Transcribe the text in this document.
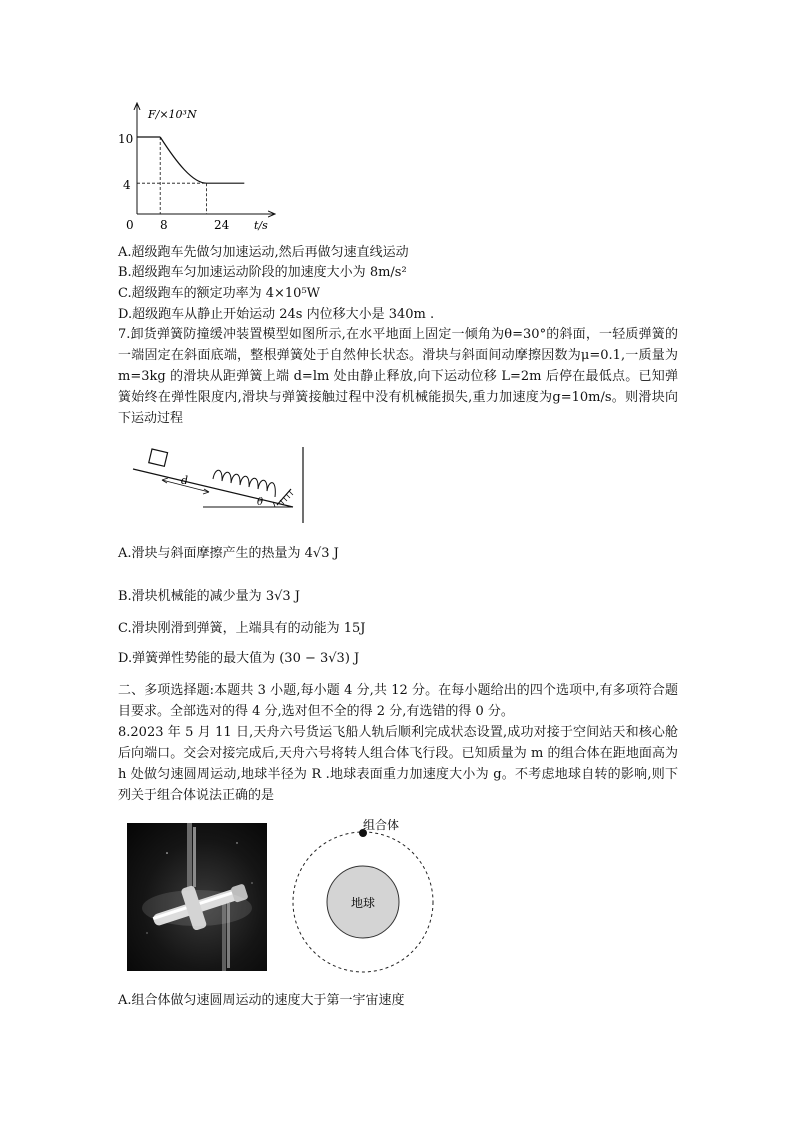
F/×10³N
t/s
0
10
4
8	24
A.超级跑车先做匀加速运动,然后再做匀速直线运动
B.超级跑车匀加速运动阶段的加速度大小为 8m/s²
C.超级跑车的额定功率为 4×10⁵W
D.超级跑车从静止开始运动 24s 内位移大小是 340m .
7.卸货弹簧防撞缓冲装置模型如图所示,在水平地面上固定一倾角为θ=30°的斜面，一轻质弹簧的一端固定在斜面底端，整根弹簧处于自然伸长状态。滑块与斜面间动摩擦因数为μ=0.1,一质量为 m=3kg 的滑块从距弹簧上端 d=lm 处由静止释放,向下运动位移 L=2m 后停在最低点。已知弹簧始终在弹性限度内,滑块与弹簧接触过程中没有机械能损失,重力加速度为g=10m/s。则滑块向下运动过程
d
θ
A.滑块与斜面摩擦产生的热量为 4√3 J
B.滑块机械能的减少量为 3√3 J
C.滑块刚滑到弹簧，上端具有的动能为 15J
D.弹簧弹性势能的最大值为 (30 − 3√3) J
二、多项选择题:本题共 3 小题,每小题 4 分,共 12 分。在每小题给出的四个选项中,有多项符合题目要求。全部选对的得 4 分,选对但不全的得 2 分,有选错的得 0 分。
8.2023 年 5 月 11 日,天舟六号货运飞船人轨后顺利完成状态设置,成功对接于空间站天和核心舱后向端口。交会对接完成后,天舟六号将转人组合体飞行段。已知质量为 m 的组合体在距地面高为 h 处做匀速圆周运动,地球半径为 R .地球表面重力加速度大小为 g。不考虑地球自转的影响,则下列关于组合体说法正确的是
地球
组合体
A.组合体做匀速圆周运动的速度大于第一宇宙速度
